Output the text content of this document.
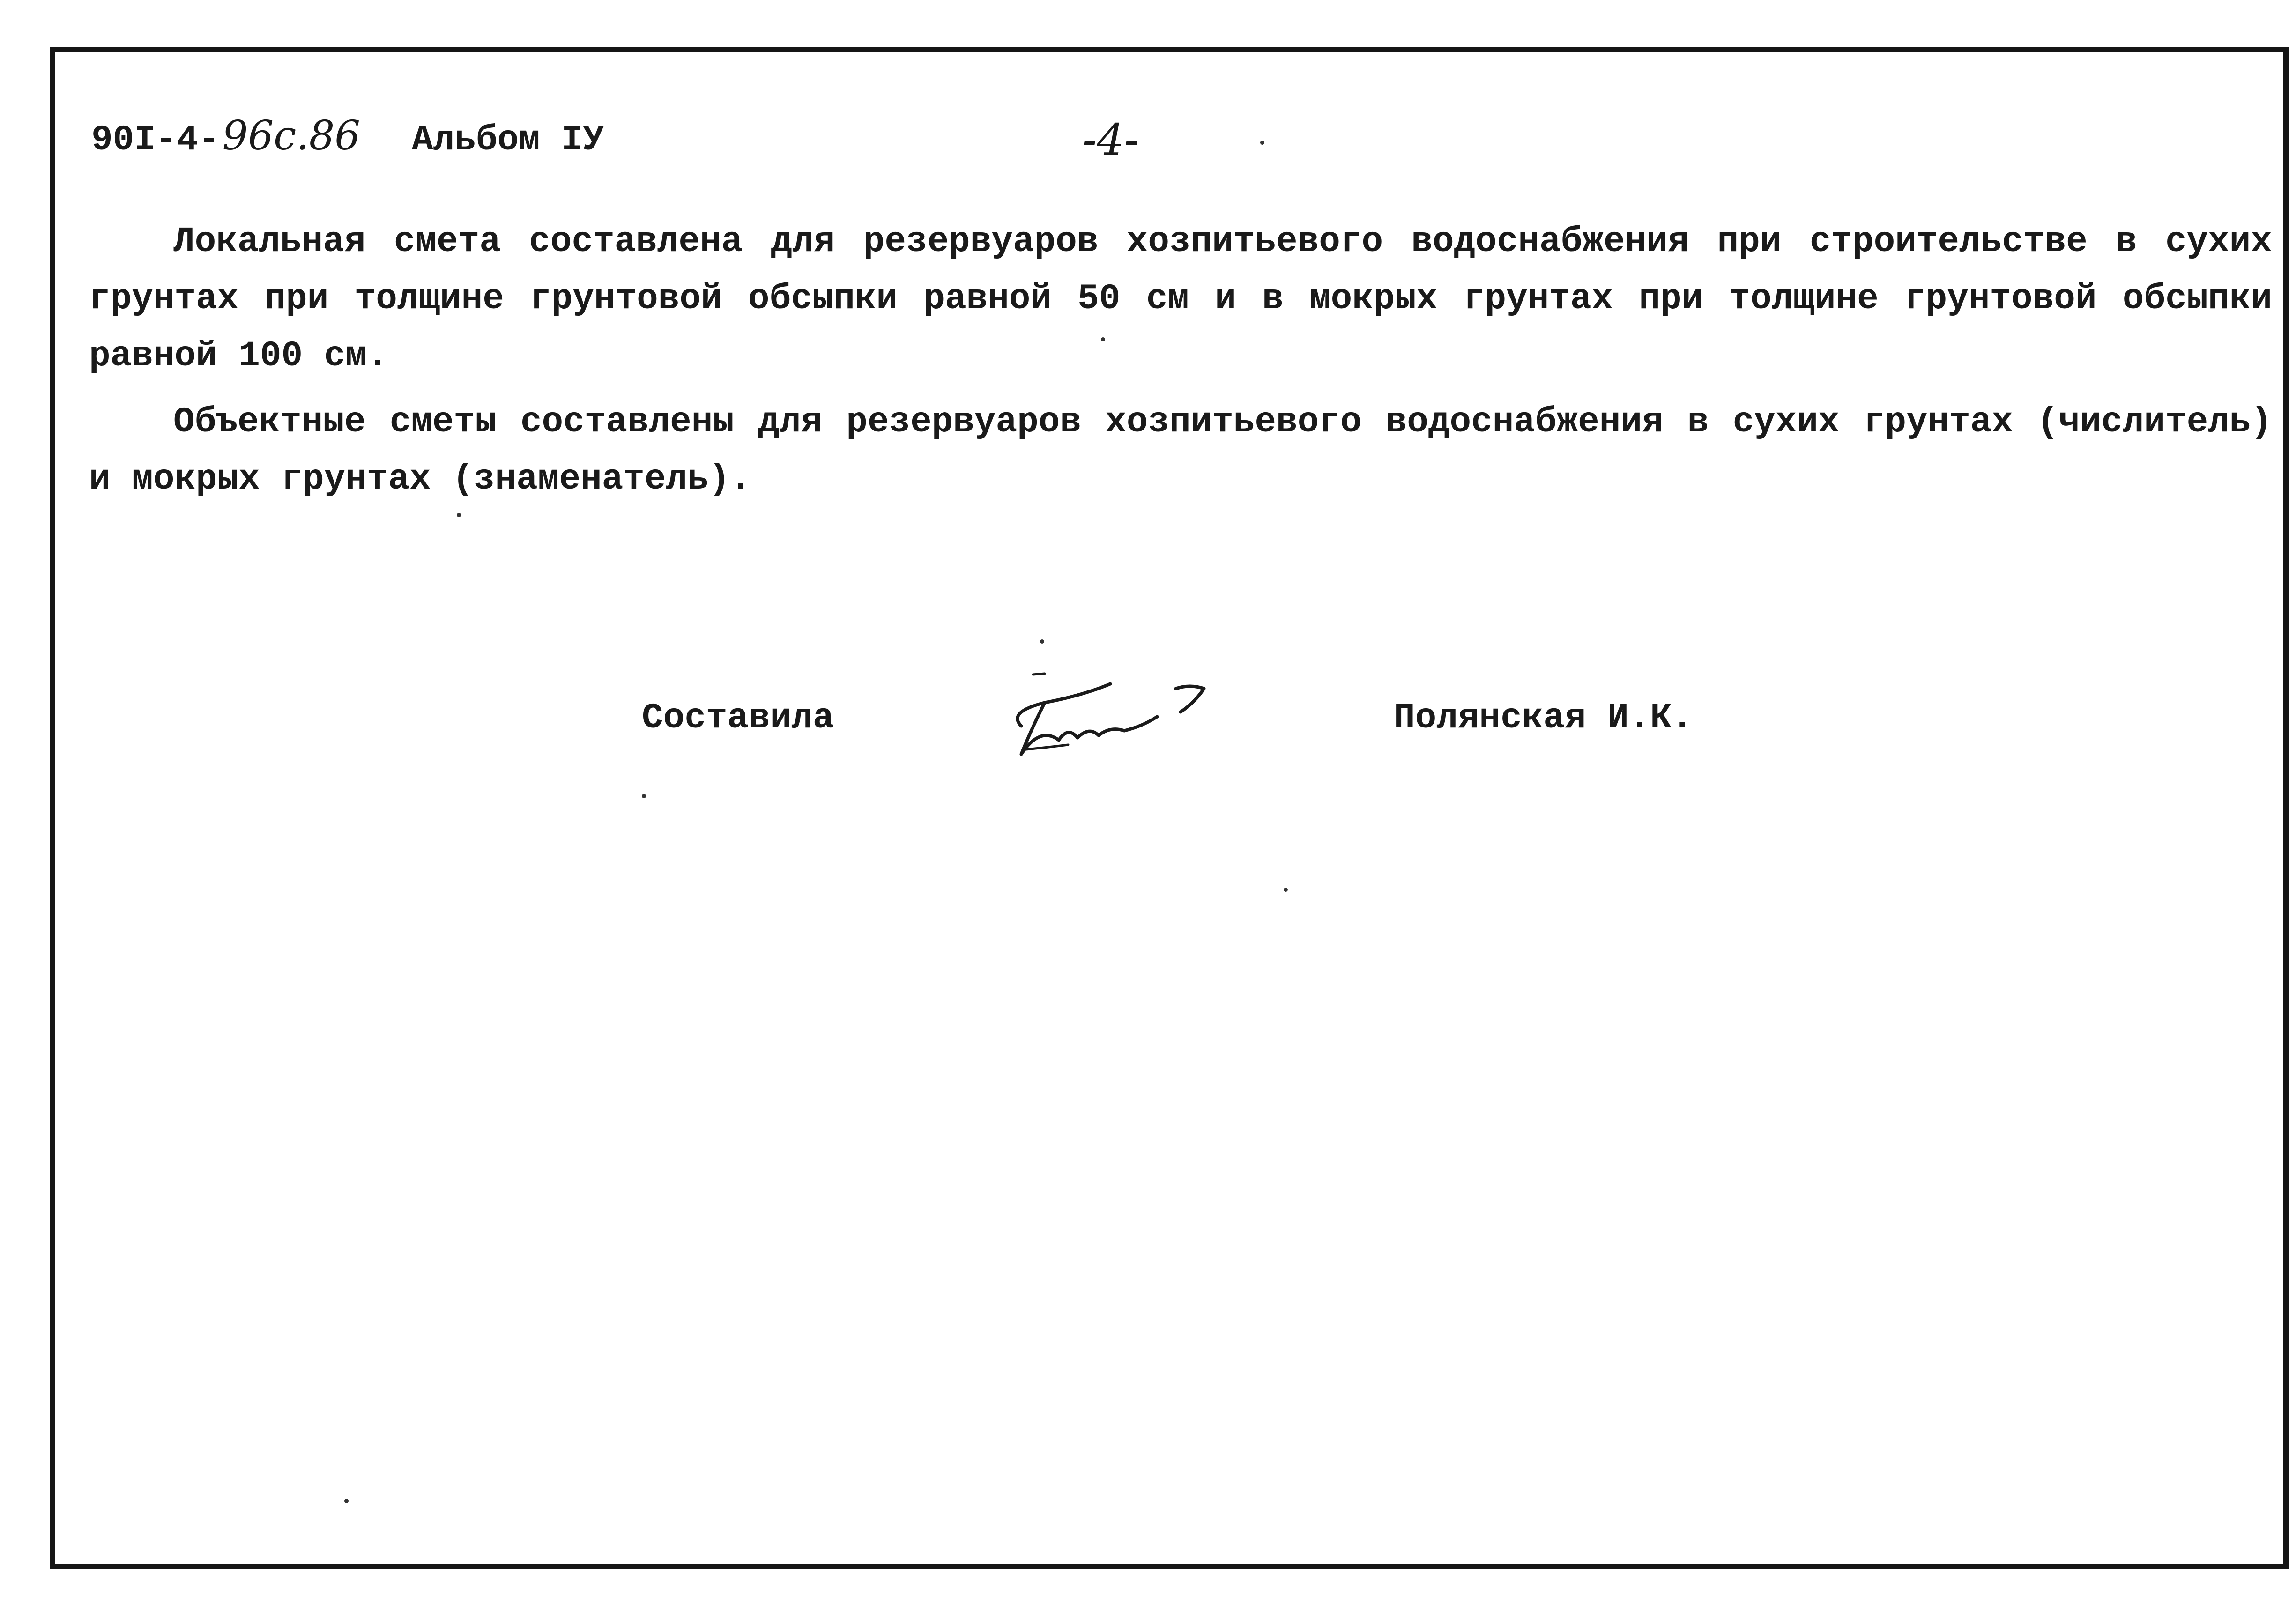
90I-4- 96с.86 Альбом IУ	-4-

Локальная смета составлена для резервуаров хозпитьевого водоснабжения при строительстве в сухих грунтах при толщине грунтовой обсыпки равной 50 см и в мокрых грунтах при толщине грунтовой обсыпки равной 100 см.

Объектные сметы составлены для резервуаров хозпитьевого водоснабжения в сухих грунтах (числитель) и мокрых грунтах (знаменатель).

Составила	Полянская И.К.
